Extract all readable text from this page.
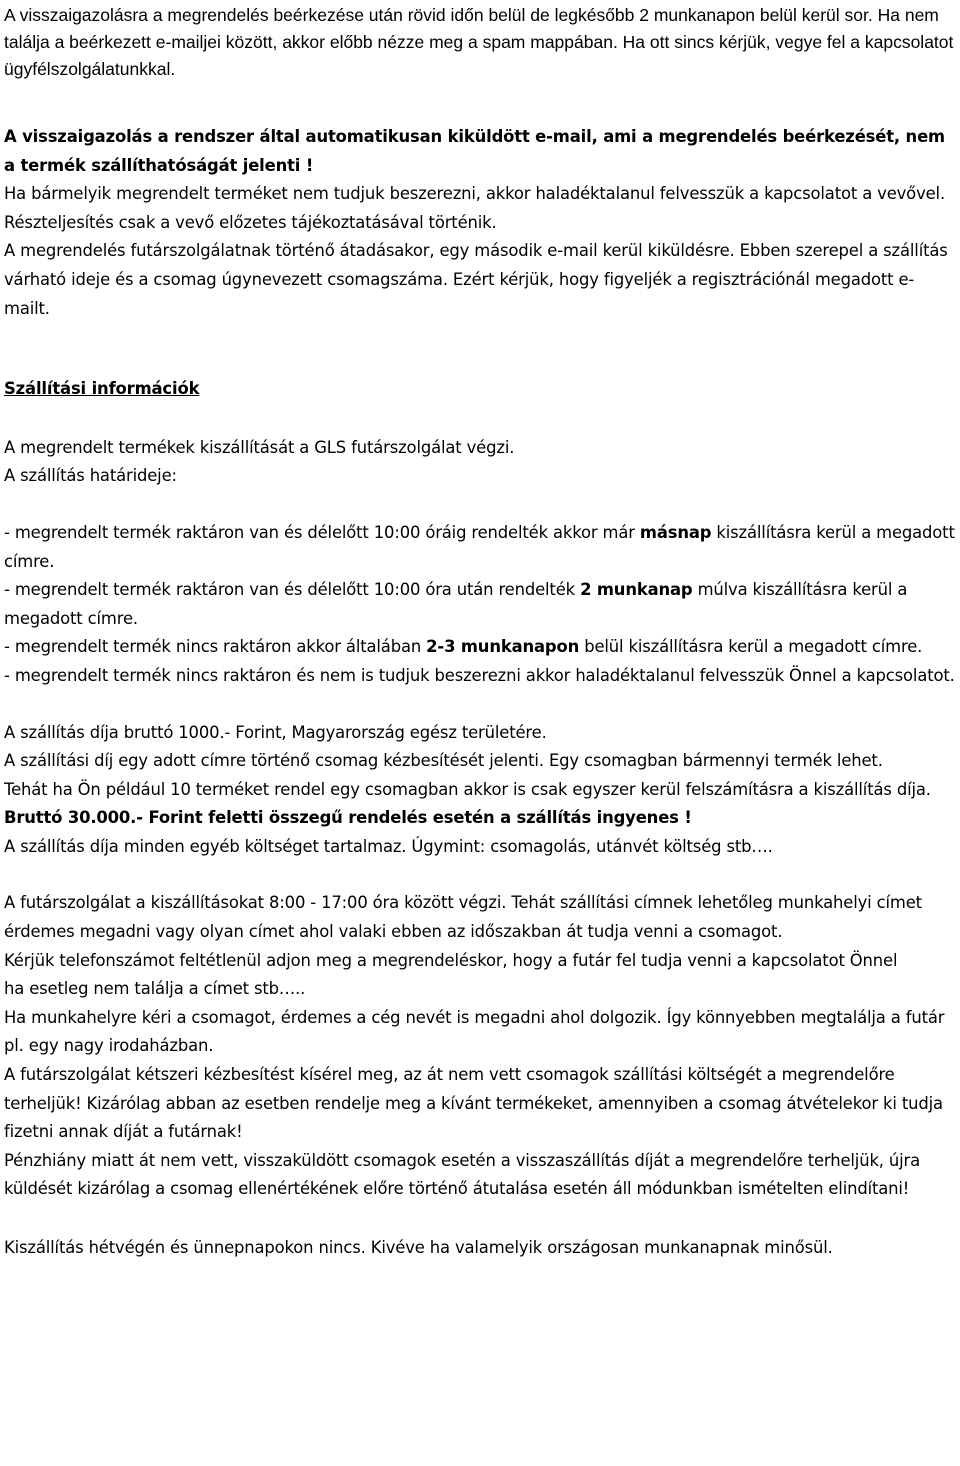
A visszaigazolásra a megrendelés beérkezése után rövid időn belül de legkésőbb 2 munkanapon belül kerül sor. Ha nem találja a beérkezett e-mailjei között, akkor előbb nézze meg a spam mappában. Ha ott sincs kérjük, vegye fel a kapcsolatot ügyfélszolgálatunkkal.

A visszaigazolás a rendszer által automatikusan kiküldött e-mail, ami a megrendelés beérkezését, nem a termék szállíthatóságát jelenti !

Ha bármelyik megrendelt terméket nem tudjuk beszerezni, akkor haladéktalanul felvesszük a kapcsolatot a vevővel. Részteljesítés csak a vevő előzetes tájékoztatásával történik.

A megrendelés futárszolgálatnak történő átadásakor, egy második e-mail kerül kiküldésre. Ebben szerepel a szállítás várható ideje és a csomag úgynevezett csomagszáma. Ezért kérjük, hogy figyeljék a regisztrációnál megadott e-mailt.

Szállítási információk

A megrendelt termékek kiszállítását a GLS futárszolgálat végzi.

A szállítás határideje:

- megrendelt termék raktáron van és délelőtt 10:00 óráig rendelték akkor már másnap kiszállításra kerül a megadott címre.

- megrendelt termék raktáron van és délelőtt 10:00 óra után rendelték 2 munkanap múlva kiszállításra kerül a megadott címre.

- megrendelt termék nincs raktáron akkor általában 2-3 munkanapon belül kiszállításra kerül a megadott címre.

- megrendelt termék nincs raktáron és nem is tudjuk beszerezni akkor haladéktalanul felvesszük Önnel a kapcsolatot.

A szállítás díja bruttó 1000.- Forint, Magyarország egész területére.

A szállítási díj egy adott címre történő csomag kézbesítését jelenti. Egy csomagban bármennyi termék lehet.

Tehát ha Ön például 10 terméket rendel egy csomagban akkor is csak egyszer kerül felszámításra a kiszállítás díja.

Bruttó 30.000.- Forint feletti összegű rendelés esetén a szállítás ingyenes !

A szállítás díja minden egyéb költséget tartalmaz. Úgymint: csomagolás, utánvét költség stb….

A futárszolgálat a kiszállításokat 8:00 - 17:00 óra között végzi. Tehát szállítási címnek lehetőleg munkahelyi címet érdemes megadni vagy olyan címet ahol valaki ebben az időszakban át tudja venni a csomagot.

Kérjük telefonszámot feltétlenül adjon meg a megrendeléskor, hogy a futár fel tudja venni a kapcsolatot Önnel

ha esetleg nem találja a címet stb…..

Ha munkahelyre kéri a csomagot, érdemes a cég nevét is megadni ahol dolgozik. Így könnyebben megtalálja a futár pl. egy nagy irodaházban.

A futárszolgálat kétszeri kézbesítést kísérel meg, az át nem vett csomagok szállítási költségét a megrendelőre terheljük! Kizárólag abban az esetben rendelje meg a kívánt termékeket, amennyiben a csomag átvételekor ki tudja fizetni annak díját a futárnak!

Pénzhiány miatt át nem vett, visszaküldött csomagok esetén a visszaszállítás díját a megrendelőre terheljük, újra küldését kizárólag a csomag ellenértékének előre történő átutalása esetén áll módunkban ismételten elindítani!

Kiszállítás hétvégén és ünnepnapokon nincs. Kivéve ha valamelyik országosan munkanapnak minősül.
